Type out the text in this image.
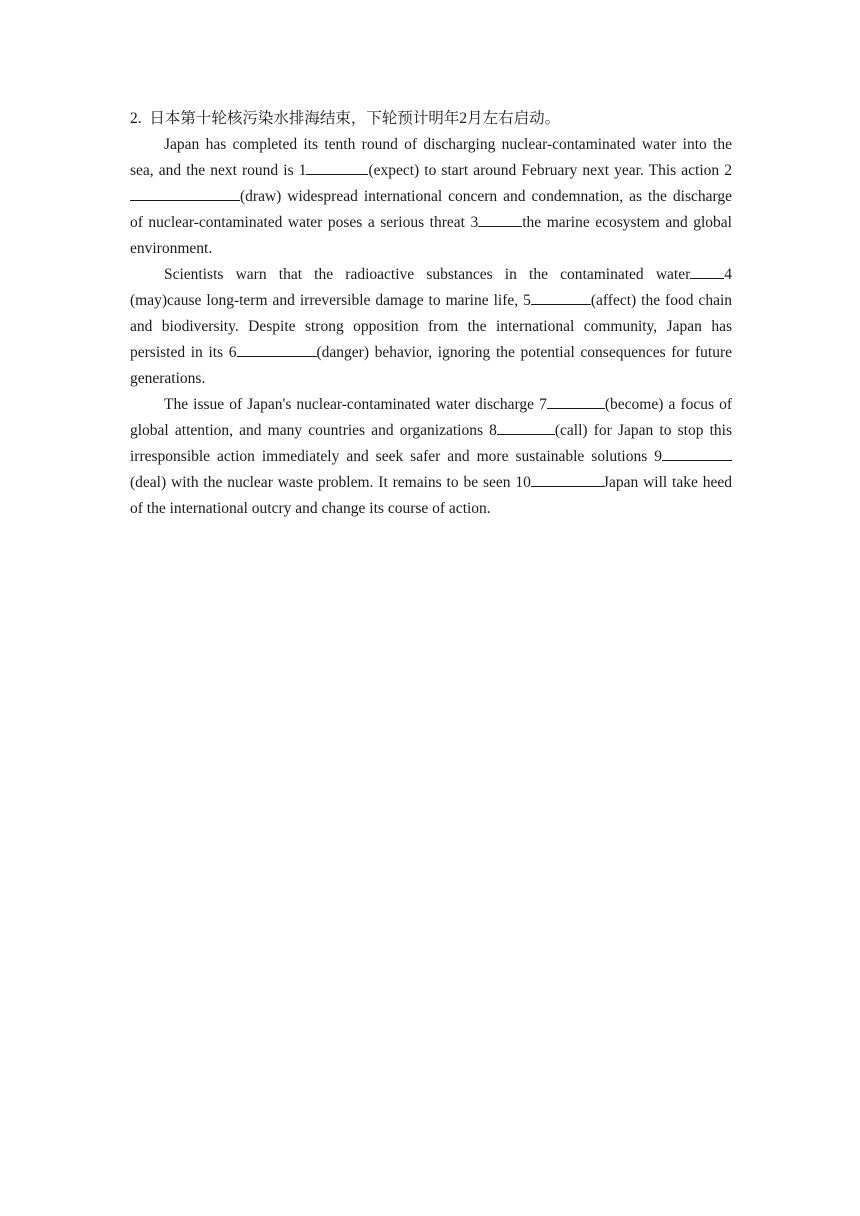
2. 日本第十轮核污染水排海结束，下轮预计明年2月左右启动。

Japan has completed its tenth round of discharging nuclear-contaminated water into the sea, and the next round is 1	(expect) to start around February next year. This action 2(draw) widespread international concern and condemnation, as the discharge of nuclear-contaminated water poses a serious threat 3	the marine ecosystem and global environment.

Scientists warn that the radioactive substances in the contaminated water 4 (may)cause long-term and irreversible damage to marine life, 5	(affect) the food chain and biodiversity. Despite strong opposition from the international community, Japan has persisted in its 6	(danger) behavior, ignoring the potential consequences for future generations.

The issue of Japan's nuclear-contaminated water discharge 7	(become) a focus of global attention, and many countries and organizations 8	(call) for Japan to stop this irresponsible action immediately and seek safer and more sustainable solutions 9(deal) with the nuclear waste problem. It remains to be seen 10	Japan will take heed of the international outcry and change its course of action.
